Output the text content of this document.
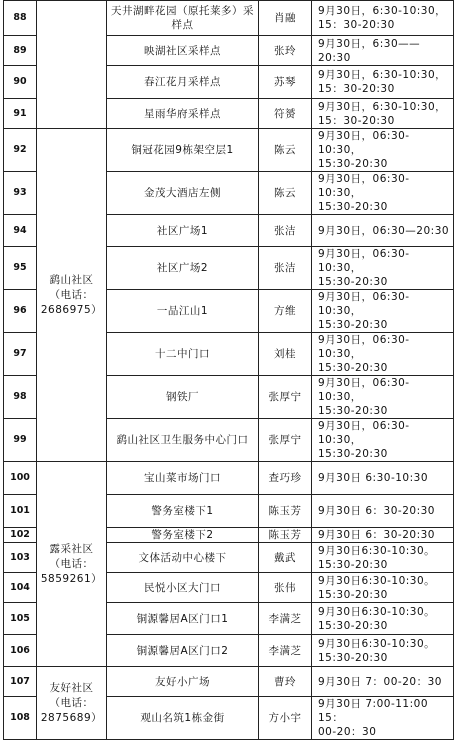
88		天井湖畔花园（原托莱多）采样点	肖融	9月30日，6:30-10:30，
15：30-20:30

89		映湖社区采样点	张玲	9月30日，6:30——20:30

90		春江花月采样点	苏琴	9月30日，6:30-10:30，
15：30-20:30

91		星雨华府采样点	符赟	9月30日，6:30-10:30，
15：30-20:30

92	鹞山社区（电话：2686975）	铜冠花园9栋架空层1	陈云	9月30日，06:30-10:30，
15:30-20:30

93		金茂大酒店左侧	陈云	9月30日，06:30-10:30，
15:30-20:30

94		社区广场1	张洁	9月30日，06:30—20:30

95		社区广场2	张洁	9月30日，06:30-10:30，
15:30-20:30

96		一品江山1	方维	9月30日，06:30-10:30，
15:30-20:30

97		十二中门口	刘桂	9月30日，06:30-10:30，
15:30-20:30

98		钢铁厂	张厚宁	9月30日，06:30-10:30，
15:30-20:30

99		鹞山社区卫生服务中心门口	张厚宁	9月30日，06:30-10:30，
15:30-20:30

100	露采社区（电话：5859261）	宝山菜市场门口	查巧珍	9月30日 6:30-10:30

101		警务室楼下1	陈玉芳	9月30日 6：30-20:30

102		警务室楼下2	陈玉芳	9月30日 6：30-20:30

103		文体活动中心楼下	戴武	9月30日6:30-10:30。
15:30-20:30

104		民悦小区大门口	张伟	9月30日6:30-10:30。
15:30-20:30

105		铜源馨居A区门口1	李满芝	9月30日6:30-10:30。
15:30-20:30

106		铜源馨居A区门口2	李满芝	9月30日6:30-10:30。
15:30-20:30

107	友好社区（电话：2875689）	友好小广场	曹玲	9月30日 7：00-20：30

108		观山名筑1栋金街	方小宇	9月30日 7:00-11:00 15：
00-20：30
